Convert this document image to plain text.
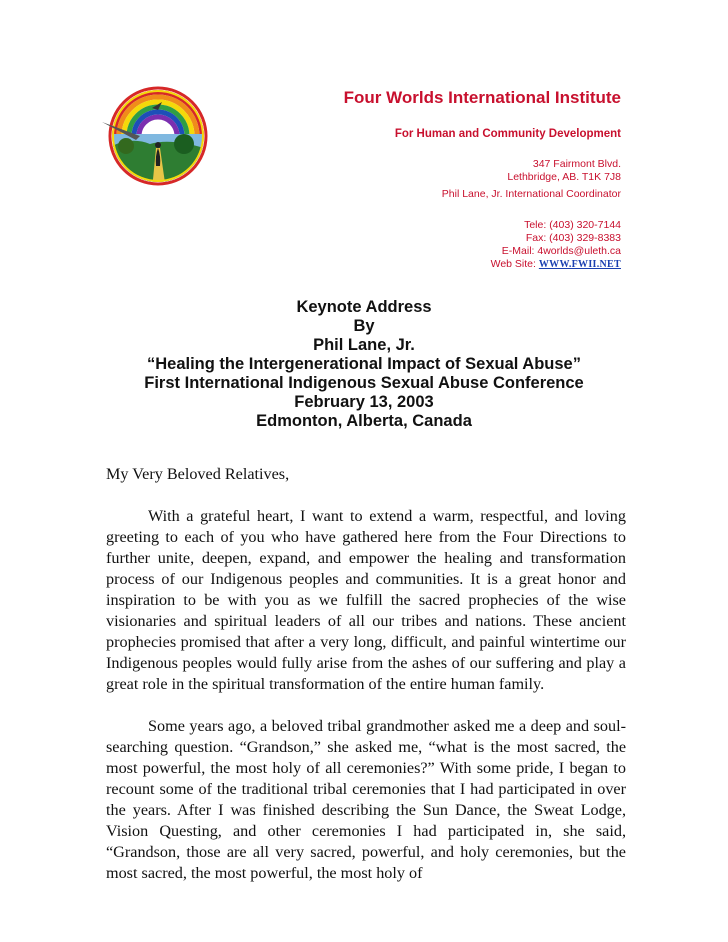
Four Worlds International Institute
For Human and Community Development
347 Fairmont Blvd.
Lethbridge, AB. T1K 7J8
Phil Lane, Jr. International Coordinator
Tele: (403) 320-7144
Fax: (403) 329-8383
E-Mail: 4worlds@uleth.ca
Web Site: WWW.FWII.NET
Keynote Address
By
Phil Lane, Jr.
“Healing the Intergenerational Impact of Sexual Abuse”
First International Indigenous Sexual Abuse Conference
February 13, 2003
Edmonton, Alberta, Canada

My Very Beloved Relatives,

With a grateful heart, I want to extend a warm, respectful, and loving greeting to each of you who have gathered here from the Four Directions to further unite, deepen, expand, and empower the healing and transformation process of our Indigenous peoples and communities. It is a great honor and inspiration to be with you as we fulfill the sacred prophecies of the wise visionaries and spiritual leaders of all our tribes and nations. These ancient prophecies promised that after a very long, difficult, and painful wintertime our Indigenous peoples would fully arise from the ashes of our suffering and play a great role in the spiritual transformation of the entire human family.

Some years ago, a beloved tribal grandmother asked me a deep and soul-searching question. “Grandson,” she asked me, “what is the most sacred, the most powerful, the most holy of all ceremonies?” With some pride, I began to recount some of the traditional tribal ceremonies that I had participated in over the years. After I was finished describing the Sun Dance, the Sweat Lodge, Vision Questing, and other ceremonies I had participated in, she said, “Grandson, those are all very sacred, powerful, and holy ceremonies, but the most sacred, the most powerful, the most holy of
